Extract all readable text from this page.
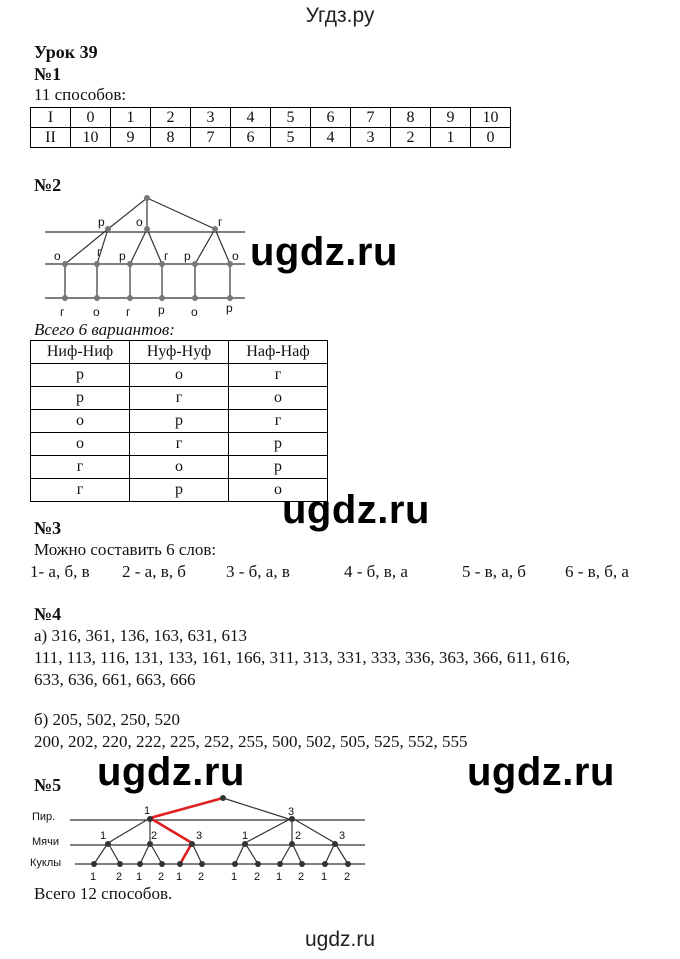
Угдз.ру
Урок 39
№1
11 способов:
I	0	1	2	3	4	5	6	7	8	9	10
II	10	9	8	7	6	5	4	3	2	1	0
№2
р	о	г
о	г р	г р	о
г о г р о р
ugdz.ru
Всего 6 вариантов:
Ниф-Ниф	Нуф-Нуф	Наф-Наф
р	о	г
р	г	о
о	р	г
о	г	р
г	о	р
г	р	о ugdz.ru
№3
Можно составить 6 слов:
1- а, б, в 2 - а, в, б 3 - б, а, в	4 - б, в, а	5 - в, а, б 6 - в, б, а
№4
а) 316, 361, 136, 163, 631, 613
111, 113, 116, 131, 133, 161, 166, 311, 313, 331, 333, 336, 363, 366, 611, 616,
633, 636, 661, 663, 666
б) 205, 502, 250, 520
200, 202, 220, 222, 225, 252, 255, 500, 502, 505, 525, 552, 555
ugdz.ru	ugdz.ru
№5
Пир.
Мячи
Куклы
1	3
1	2	3	1	2	3
1 2 1 2 1 2 1 2 1 2 1 2
Всего 12 способов.
ugdz.ru
